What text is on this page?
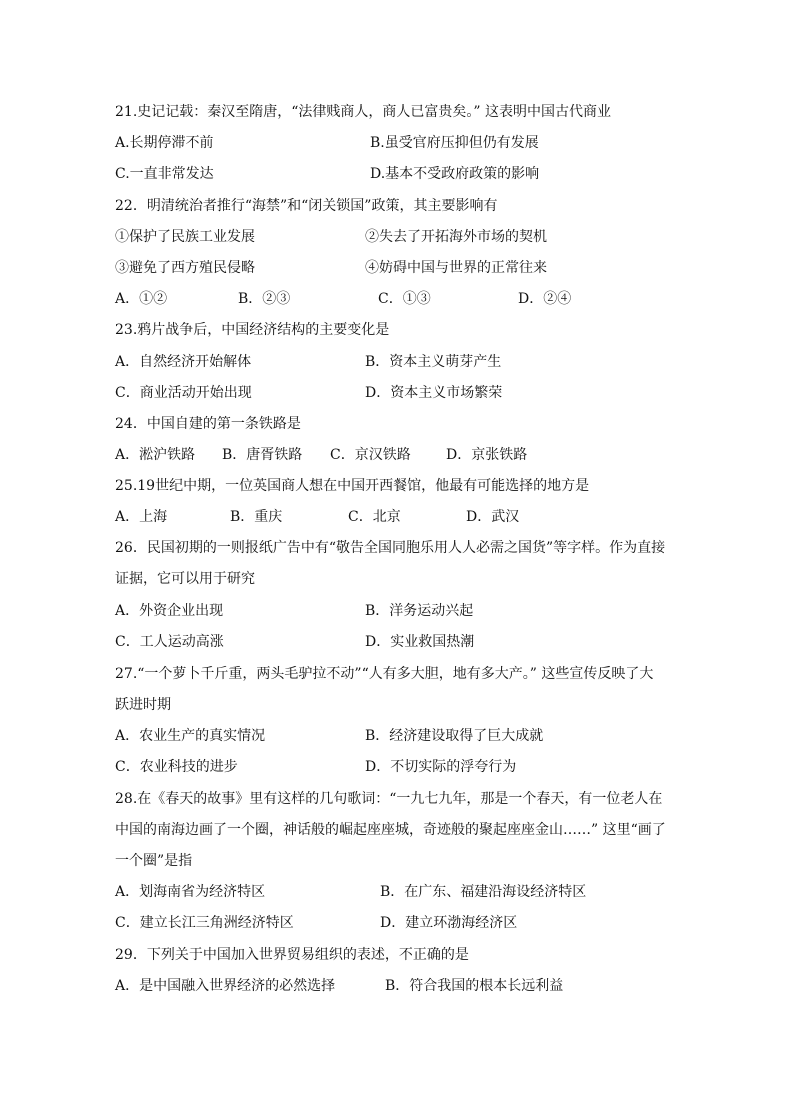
21.史记记载：秦汉至隋唐，“法律贱商人，商人已富贵矣。” 这表明中国古代商业
A.长期停滞不前	B.虽受官府压抑但仍有发展
C.一直非常发达	D.基本不受政府政策的影响
22．明清统治者推行“海禁”和“闭关锁国”政策，其主要影响有
①保护了民族工业发展	②失去了开拓海外市场的契机
③避免了西方殖民侵略	④妨碍中国与世界的正常往来
A．①②	B．②③	C．①③	D．②④
23.鸦片战争后，中国经济结构的主要变化是
A．自然经济开始解体	B．资本主义萌芽产生
C．商业活动开始出现	D．资本主义市场繁荣
24．中国自建的第一条铁路是
A．淞沪铁路 B．唐胥铁路 C．京汉铁路	D．京张铁路
25.19世纪中期，一位英国商人想在中国开西餐馆，他最有可能选择的地方是
A．上海	B．重庆	C．北京	D．武汉
26．民国初期的一则报纸广告中有“敬告全国同胞乐用人人必需之国货”等字样。作为直接
证据，它可以用于研究
A．外资企业出现	B．洋务运动兴起
C．工人运动高涨	D．实业救国热潮
27.“一个萝卜千斤重，两头毛驴拉不动”“人有多大胆，地有多大产。” 这些宣传反映了大
跃进时期
A．农业生产的真实情况	B．经济建设取得了巨大成就
C．农业科技的进步	D．不切实际的浮夸行为
28.在《春天的故事》里有这样的几句歌词：“一九七九年，那是一个春天，有一位老人在
中国的南海边画了一个圈，神话般的崛起座座城，奇迹般的聚起座座金山……” 这里“画了
一个圈”是指
A．划海南省为经济特区	B．在广东、福建沿海设经济特区
C．建立长江三角洲经济特区	D．建立环渤海经济区
29．下列关于中国加入世界贸易组织的表述，不正确的是
A．是中国融入世界经济的必然选择	B．符合我国的根本长远利益
